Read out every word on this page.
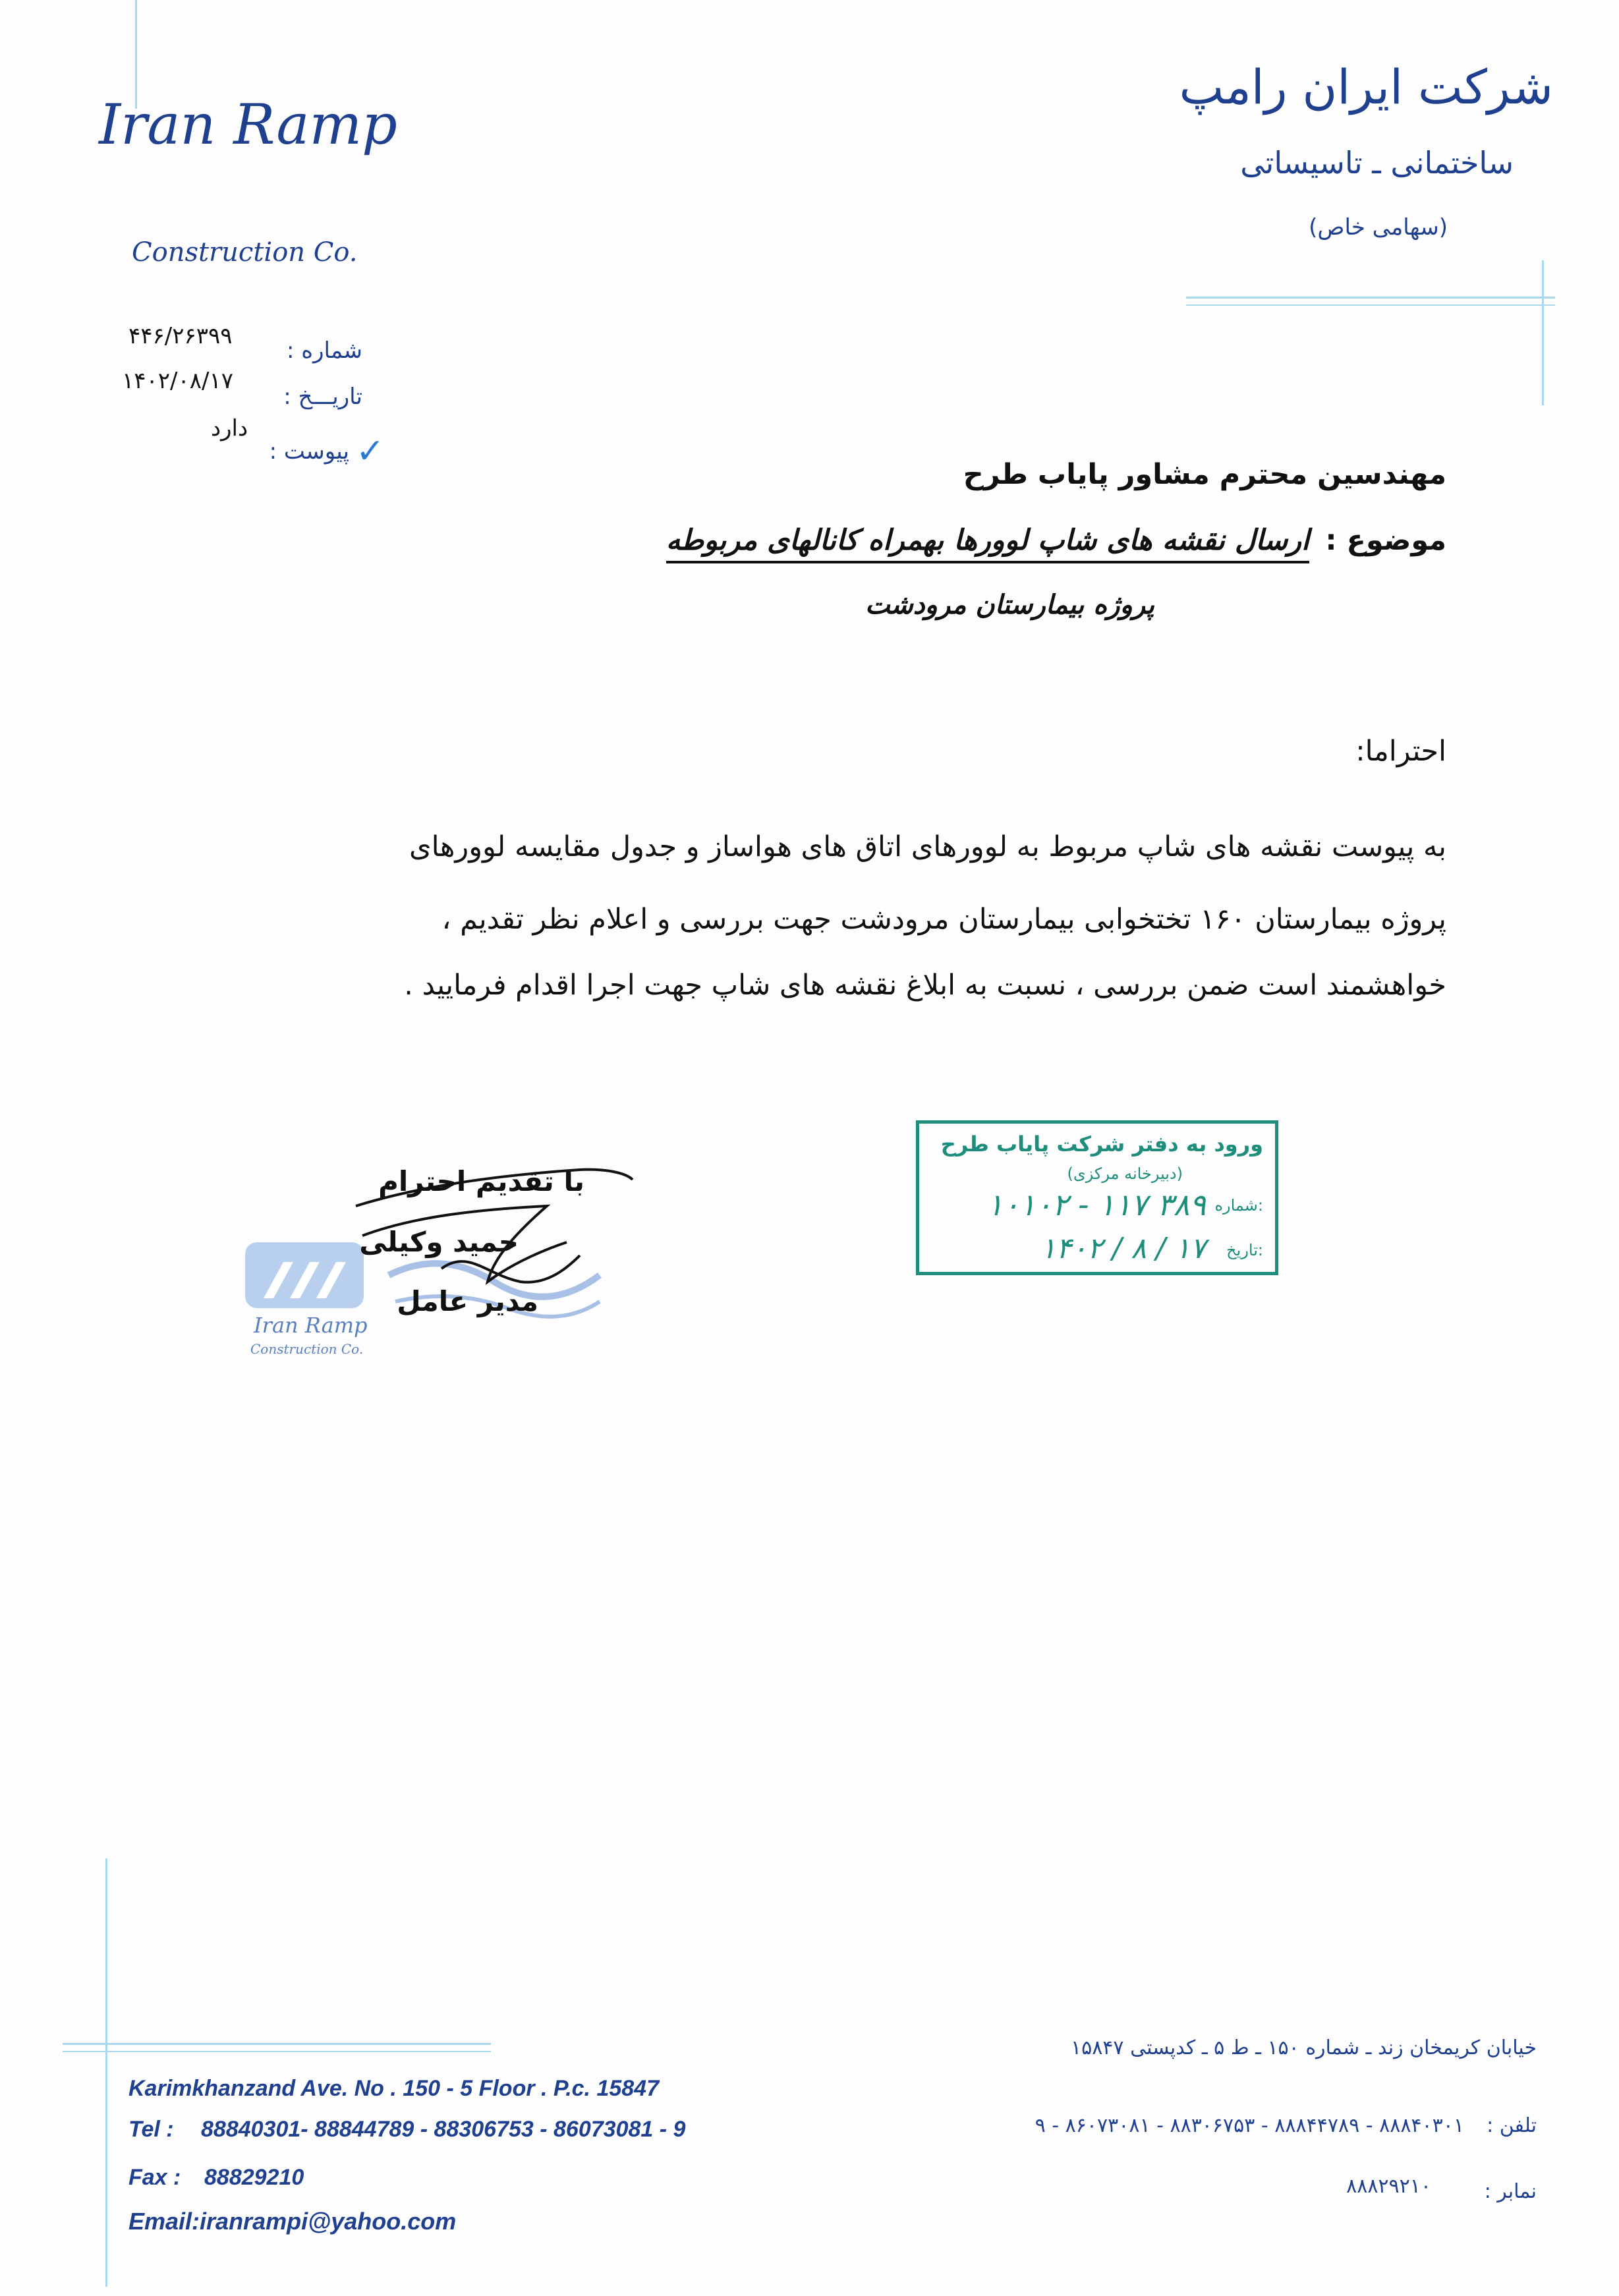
Iran Ramp
Construction Co.
شرکت ایران رامپ
ساختمانی ـ تاسیساتی
(سهامی خاص)
شماره :
۴۴۶/۲۶۳۹۹
تاریـــخ :
۱۴۰۲/۰۸/۱۷
پیوست : ✓
دارد
مهندسین محترم مشاور پایاب طرح
موضوع :
ارسال نقشه های شاپ لوورها بهمراه کانالهای مربوطه
پروژه بیمارستان مرودشت
احتراما:
به پیوست نقشه های شاپ مربوط به لوورهای اتاق های هواساز و جدول مقایسه لوورهای
پروژه بیمارستان ۱۶۰ تختخوابی بیمارستان مرودشت جهت بررسی و اعلام نظر تقدیم ،
خواهشمند است ضمن بررسی ، نسبت به ابلاغ نقشه های شاپ جهت اجرا اقدام فرمایید .
ورود به دفتر شرکت پایاب طرح
(دبیرخانه مرکزی)
شماره:
۱۰۱۰۲ - ۱۱۷ ۳۸۹
تاریخ:
۱۴۰۲ / ۸ / ۱۷
Iran Ramp
Construction Co.
با تقدیم احترام
حمید وکیلی
مدیر عامل
Karimkhanzand Ave. No . 150 - 5 Floor . P.c. 15847
Tel : 88840301- 88844789 - 88306753 - 86073081 - 9
Fax : 88829210
Email:iranrampi@yahoo.com
خیابان کریمخان زند ـ شماره ۱۵۰ ـ ط ۵ ـ کدپستی ۱۵۸۴۷
تلفن :
۸۸۸۴۰۳۰۱ - ۸۸۸۴۴۷۸۹ - ۸۸۳۰۶۷۵۳ - ۸۶۰۷۳۰۸۱ - ۹
نمابر :
۸۸۸۲۹۲۱۰
